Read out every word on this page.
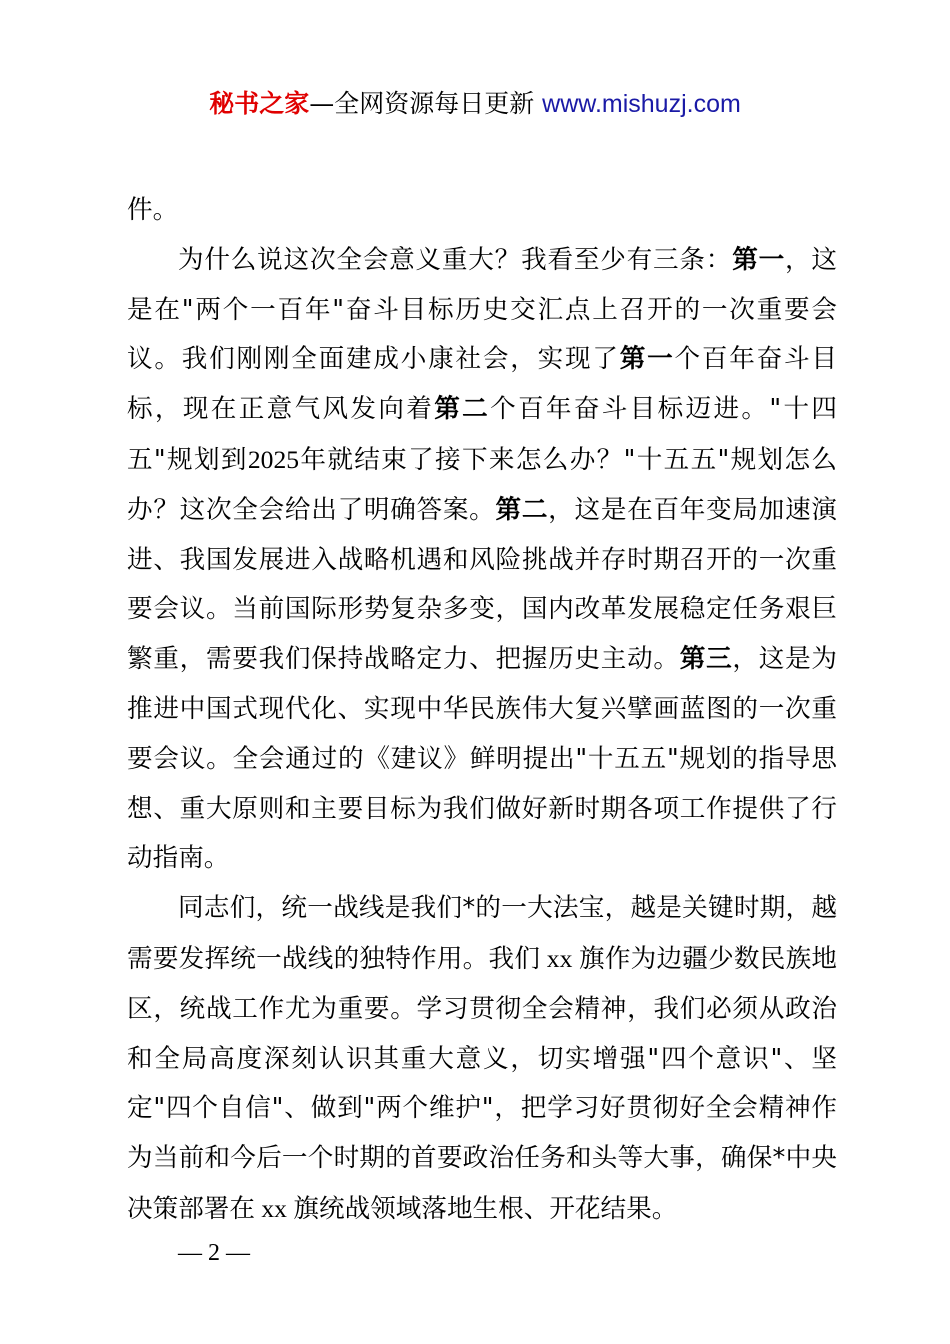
秘书之家—全网资源每日更新 www.mishuzj.com

件。

为什么说这次全会意义重大？我看至少有三条：第一，这是在"两个一百年"奋斗目标历史交汇点上召开的一次重要会议。我们刚刚全面建成小康社会，实现了第一个百年奋斗目标，现在正意气风发向着第二个百年奋斗目标迈进。"十四五"规划到2025年就结束了接下来怎么办？"十五五"规划怎么办？这次全会给出了明确答案。第二，这是在百年变局加速演进、我国发展进入战略机遇和风险挑战并存时期召开的一次重要会议。当前国际形势复杂多变，国内改革发展稳定任务艰巨繁重，需要我们保持战略定力、把握历史主动。第三，这是为推进中国式现代化、实现中华民族伟大复兴擘画蓝图的一次重要会议。全会通过的《建议》鲜明提出"十五五"规划的指导思想、重大原则和主要目标为我们做好新时期各项工作提供了行动指南。

同志们，统一战线是我们*的一大法宝，越是关键时期，越需要发挥统一战线的独特作用。我们 xx 旗作为边疆少数民族地区，统战工作尤为重要。学习贯彻全会精神，我们必须从政治和全局高度深刻认识其重大意义，切实增强"四个意识"、坚定"四个自信"、做到"两个维护"，把学习好贯彻好全会精神作为当前和今后一个时期的首要政治任务和头等大事，确保*中央决策部署在 xx 旗统战领域落地生根、开花结果。

— 2 —
